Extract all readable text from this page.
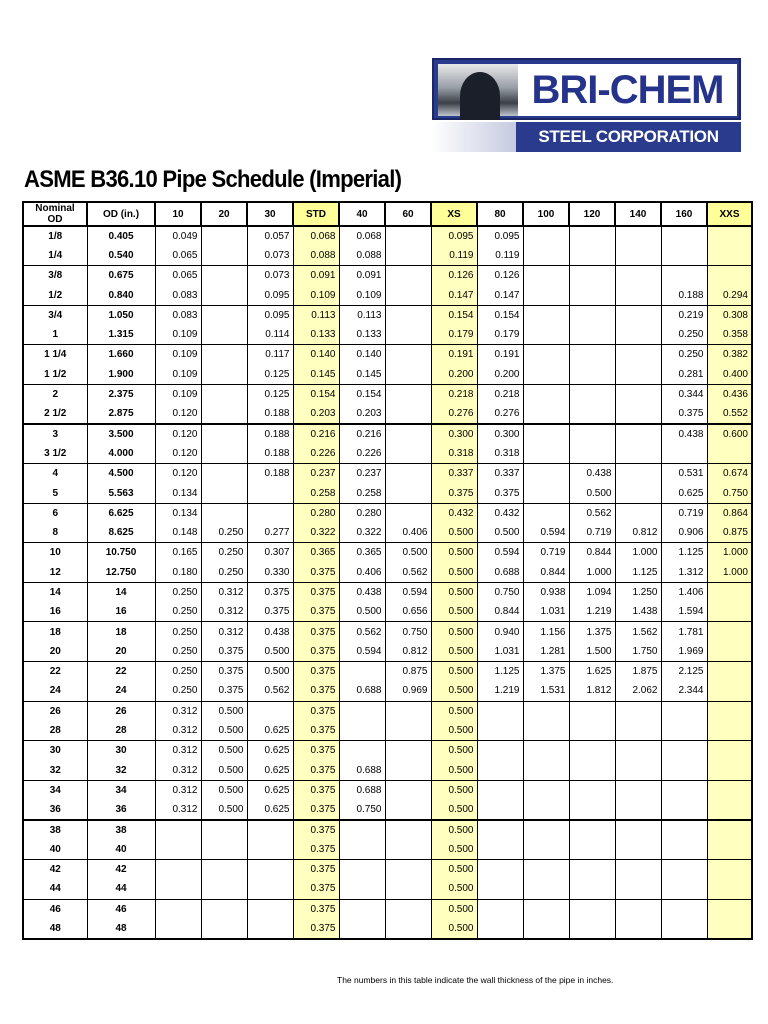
BRI-CHEM
STEEL CORPORATION
ASME B36.10 Pipe Schedule (Imperial)
Nominal OD	OD (in.)	10	20	30	STD	40	60	XS	80	100	120	140	160	XXS
1/8	0.405	0.049		0.057	0.068	0.068		0.095	0.095					
1/4	0.540	0.065		0.073	0.088	0.088		0.119	0.119					
3/8	0.675	0.065		0.073	0.091	0.091		0.126	0.126					
1/2	0.840	0.083		0.095	0.109	0.109		0.147	0.147				0.188	0.294
3/4	1.050	0.083		0.095	0.113	0.113		0.154	0.154				0.219	0.308
1	1.315	0.109		0.114	0.133	0.133		0.179	0.179				0.250	0.358
1 1/4	1.660	0.109		0.117	0.140	0.140		0.191	0.191				0.250	0.382
1 1/2	1.900	0.109		0.125	0.145	0.145		0.200	0.200				0.281	0.400
2	2.375	0.109		0.125	0.154	0.154		0.218	0.218				0.344	0.436
2 1/2	2.875	0.120		0.188	0.203	0.203		0.276	0.276				0.375	0.552
3	3.500	0.120		0.188	0.216	0.216		0.300	0.300				0.438	0.600
3 1/2	4.000	0.120		0.188	0.226	0.226		0.318	0.318					
4	4.500	0.120		0.188	0.237	0.237		0.337	0.337		0.438		0.531	0.674
5	5.563	0.134			0.258	0.258		0.375	0.375		0.500		0.625	0.750
6	6.625	0.134			0.280	0.280		0.432	0.432		0.562		0.719	0.864
8	8.625	0.148	0.250	0.277	0.322	0.322	0.406	0.500	0.500	0.594	0.719	0.812	0.906	0.875
10	10.750	0.165	0.250	0.307	0.365	0.365	0.500	0.500	0.594	0.719	0.844	1.000	1.125	1.000
12	12.750	0.180	0.250	0.330	0.375	0.406	0.562	0.500	0.688	0.844	1.000	1.125	1.312	1.000
14	14	0.250	0.312	0.375	0.375	0.438	0.594	0.500	0.750	0.938	1.094	1.250	1.406	
16	16	0.250	0.312	0.375	0.375	0.500	0.656	0.500	0.844	1.031	1.219	1.438	1.594	
18	18	0.250	0.312	0.438	0.375	0.562	0.750	0.500	0.940	1.156	1.375	1.562	1.781	
20	20	0.250	0.375	0.500	0.375	0.594	0.812	0.500	1.031	1.281	1.500	1.750	1.969	
22	22	0.250	0.375	0.500	0.375		0.875	0.500	1.125	1.375	1.625	1.875	2.125	
24	24	0.250	0.375	0.562	0.375	0.688	0.969	0.500	1.219	1.531	1.812	2.062	2.344	
26	26	0.312	0.500		0.375			0.500						
28	28	0.312	0.500	0.625	0.375			0.500						
30	30	0.312	0.500	0.625	0.375			0.500						
32	32	0.312	0.500	0.625	0.375	0.688		0.500						
34	34	0.312	0.500	0.625	0.375	0.688		0.500						
36	36	0.312	0.500	0.625	0.375	0.750		0.500						
38	38				0.375			0.500						
40	40				0.375			0.500						
42	42				0.375			0.500						
44	44				0.375			0.500						
46	46				0.375			0.500						
48	48				0.375			0.500						
The numbers in this table indicate the wall thickness of the pipe in inches.
